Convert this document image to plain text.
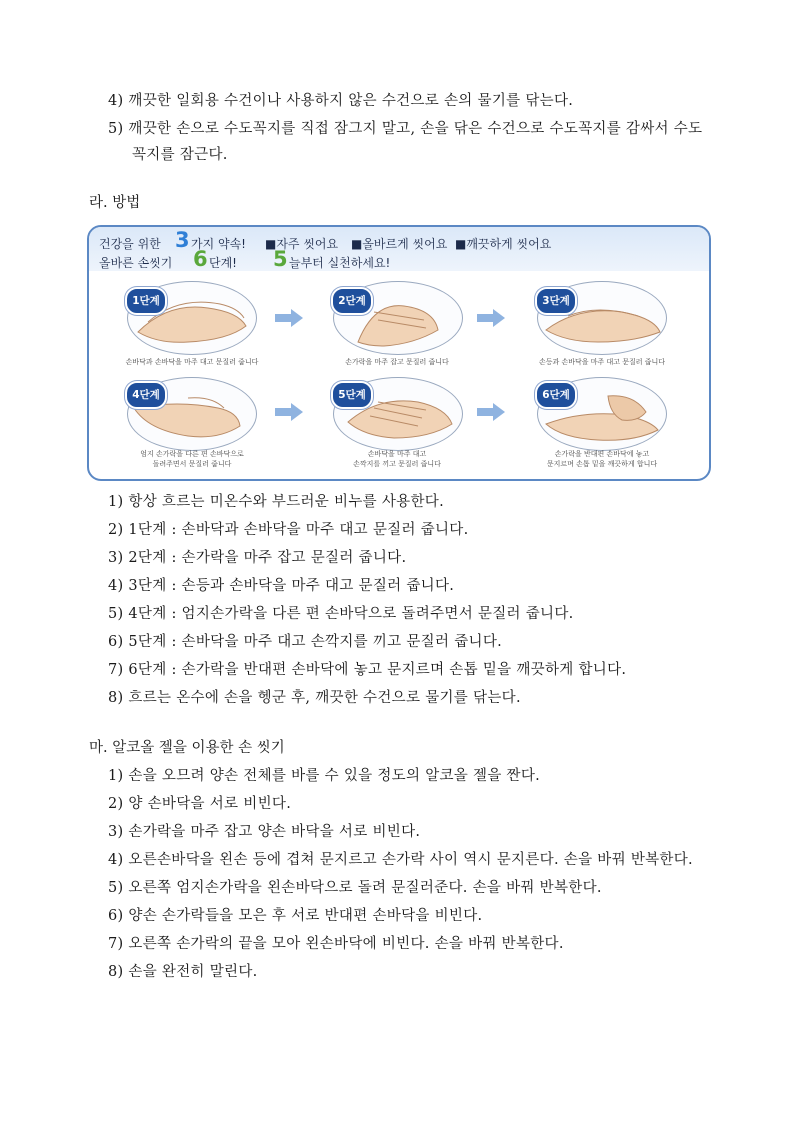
4) 깨끗한 일회용 수건이나 사용하지 않은 수건으로 손의 물기를 닦는다.
5) 깨끗한 손으로 수도꼭지를 직접 잠그지 말고, 손을 닦은 수건으로 수도꼭지를 감싸서 수도
꼭지를 잠근다.
라. 방법
건강을 위한 3 가지 약속! ■자주 씻어요 ■올바르게 씻어요 ■깨끗하게 씻어요
올바른 손씻기 6 단계! 5 늘부터 실천하세요!
1단계
손바닥과 손바닥을 마주 대고 문질러 줍니다
2단계
손가락을 마주 잡고 문질러 줍니다
3단계
손등과 손바닥을 마주 대고 문질러 줍니다
4단계
엄지 손가락을 다른 편 손바닥으로
돌려주면서 문질러 줍니다
5단계
손바닥을 마주 대고
손깍지를 끼고 문질러 줍니다
6단계
손가락을 반대편 손바닥에 놓고
문지르며 손톱 밑을 깨끗하게 합니다
1) 항상 흐르는 미온수와 부드러운 비누를 사용한다.
2) 1단계 : 손바닥과 손바닥을 마주 대고 문질러 줍니다.
3) 2단계 : 손가락을 마주 잡고 문질러 줍니다.
4) 3단계 : 손등과 손바닥을 마주 대고 문질러 줍니다.
5) 4단계 : 엄지손가락을 다른 편 손바닥으로 돌려주면서 문질러 줍니다.
6) 5단계 : 손바닥을 마주 대고 손깍지를 끼고 문질러 줍니다.
7) 6단계 : 손가락을 반대편 손바닥에 놓고 문지르며 손톱 밑을 깨끗하게 합니다.
8) 흐르는 온수에 손을 헹군 후, 깨끗한 수건으로 물기를 닦는다.
마. 알코올 젤을 이용한 손 씻기
1) 손을 오므려 양손 전체를 바를 수 있을 정도의 알코올 젤을 짠다.
2) 양 손바닥을 서로 비빈다.
3) 손가락을 마주 잡고 양손 바닥을 서로 비빈다.
4) 오른손바닥을 왼손 등에 겹쳐 문지르고 손가락 사이 역시 문지른다. 손을 바꿔 반복한다.
5) 오른쪽 엄지손가락을 왼손바닥으로 돌려 문질러준다. 손을 바꿔 반복한다.
6) 양손 손가락들을 모은 후 서로 반대편 손바닥을 비빈다.
7) 오른쪽 손가락의 끝을 모아 왼손바닥에 비빈다. 손을 바꿔 반복한다.
8) 손을 완전히 말린다.
